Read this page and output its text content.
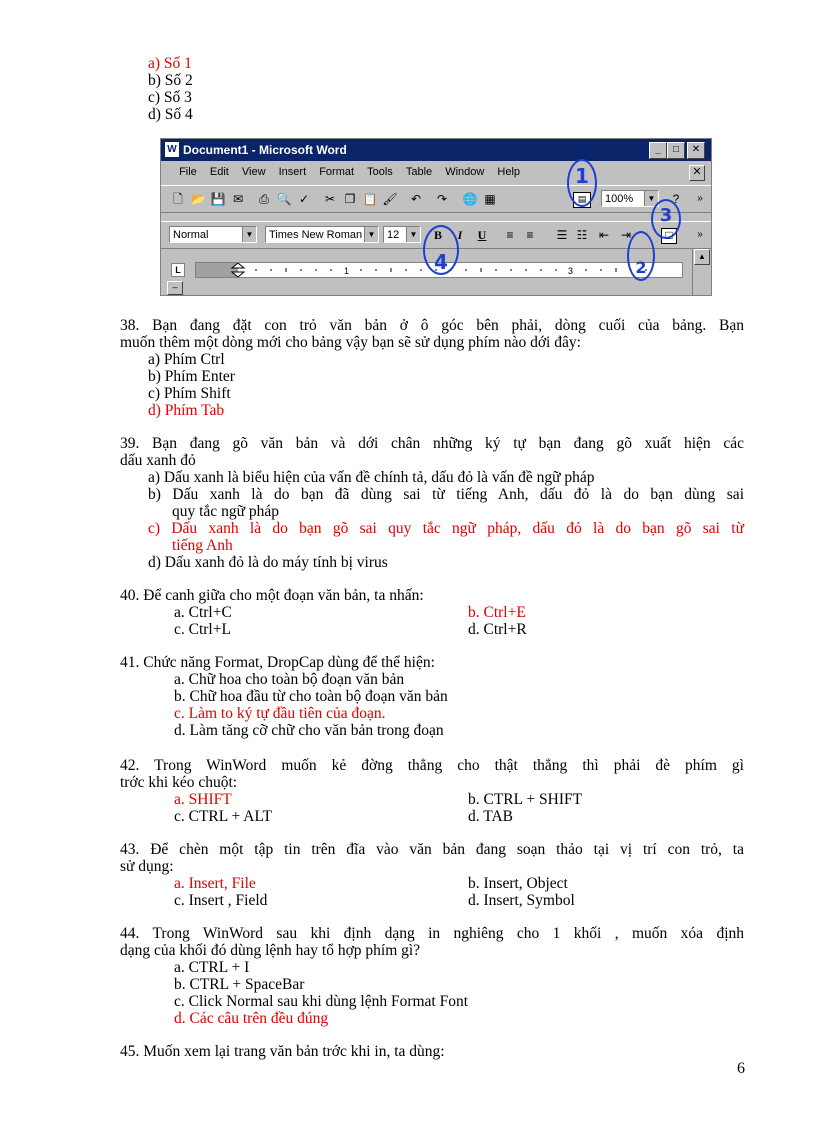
a) Số 1
b) Số 2
c) Số 3
d) Số 4
W Document1 - Microsoft Word	_	□	✕
File Edit View Insert Format Tools Table Window Help	✕
🗋 📂 💾 ✉	⎙ 🔍 ✓	✂ ❐ 📋 🖌	↶	↷	🌐 ▦	▤	100%	▼	?	»
Normal	▼	Times New Roman ▼	12	▼	B	I	U	≡	≡	☰ ☷ ⇤ ⇥	□	»
L	1	3
–
▲
1
2
3
4
38. Bạn đang đặt con trỏ văn bản ở ô góc bên phải, dòng cuối của bảng. Bạn
muốn thêm một dòng mới cho bảng vậy bạn sẽ sử dụng phím nào dới đây:
a) Phím Ctrl
b) Phím Enter
c) Phím Shift
d) Phím Tab
39. Bạn đang gõ văn bản và dới chân những ký tự bạn đang gõ xuất hiện các
dấu xanh đỏ
a) Dấu xanh là biểu hiện của vấn đề chính tả, dấu đỏ là vấn đề ngữ pháp
b) Dấu xanh là do bạn đã dùng sai từ tiếng Anh, dấu đỏ là do bạn dùng sai
quy tắc ngữ pháp
c) Dấu xanh là do bạn gõ sai quy tắc ngữ pháp, dấu đỏ là do bạn gõ sai từ
tiếng Anh
d) Dấu xanh đỏ là do máy tính bị virus
40. Để canh giữa cho một đoạn văn bản, ta nhấn:
a. Ctrl+C	b. Ctrl+E
c. Ctrl+L	d. Ctrl+R
41. Chức năng Format, DropCap dùng để thể hiện:
a. Chữ hoa cho toàn bộ đoạn văn bản
b. Chữ hoa đầu từ cho toàn bộ đoạn văn bản
c. Làm to ký tự đầu tiên của đoạn.
d. Làm tăng cỡ chữ cho văn bản trong đoạn
42. Trong WinWord muốn kẻ đờng thẳng cho thật thẳng thì phải đè phím gì
trớc khi kéo chuột:
a. SHIFT	b. CTRL + SHIFT
c. CTRL + ALT	d. TAB
43. Để chèn một tập tin trên đĩa vào văn bản đang soạn thảo tại vị trí con trỏ, ta
sử dụng:
a. Insert, File	b. Insert, Object
c. Insert , Field	d. Insert, Symbol
44. Trong WinWord sau khi định dạng in nghiêng cho 1 khối , muốn xóa định
dạng của khối đó dùng lệnh hay tổ hợp phím gì?
a. CTRL + I
b. CTRL + SpaceBar
c. Click Normal sau khi dùng lệnh Format Font
d. Các câu trên đều đúng
45. Muốn xem lại trang văn bản trớc khi in, ta dùng:
6
